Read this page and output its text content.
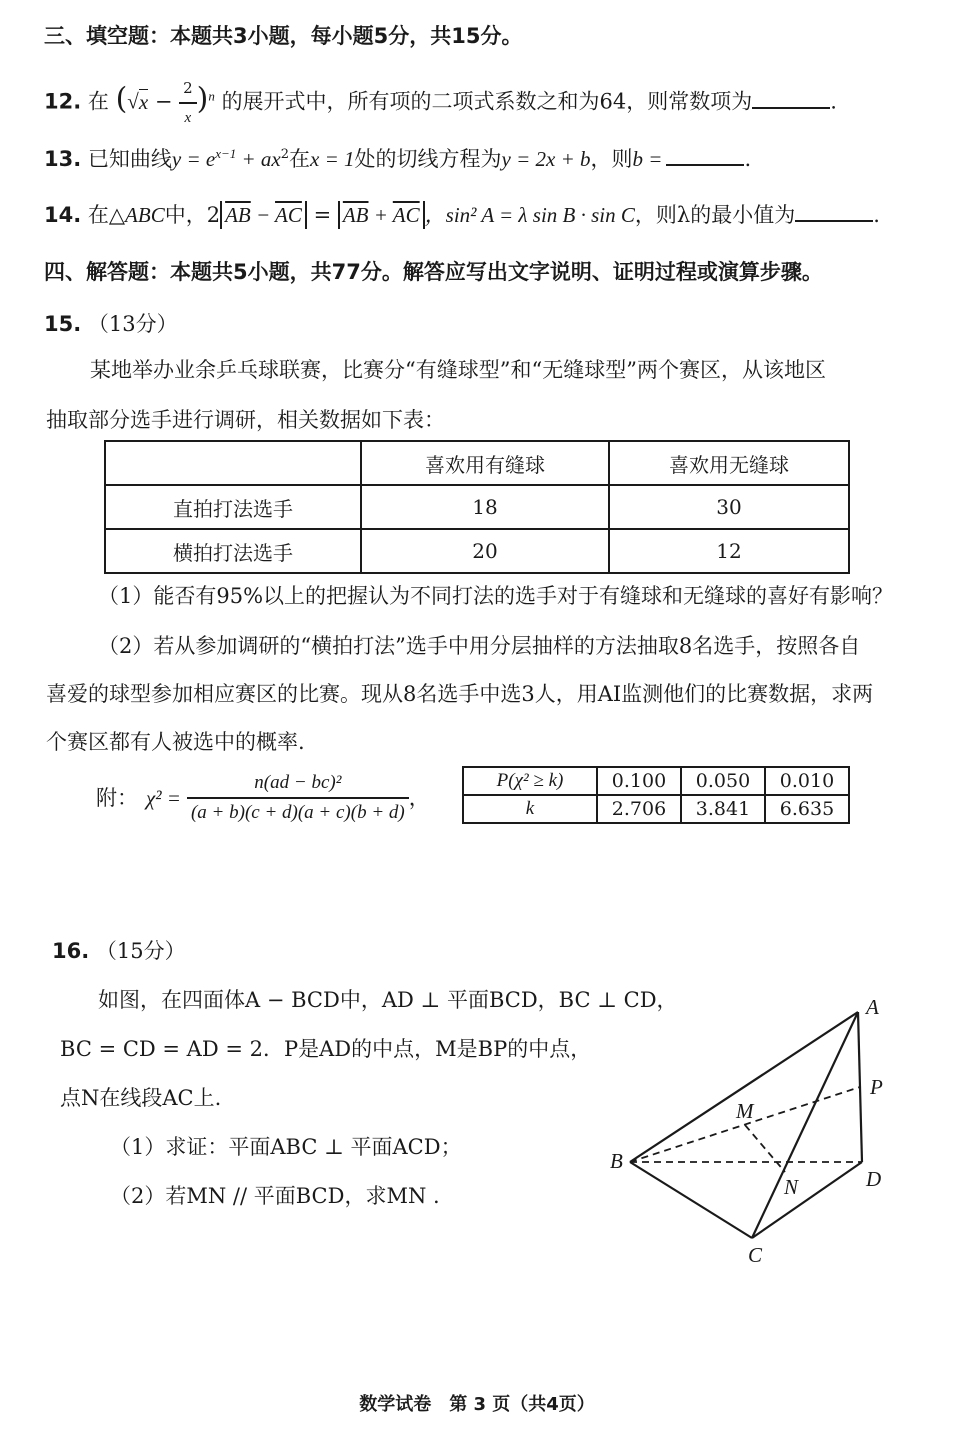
三、填空题：本题共3小题，每小题5分，共15分。
12. 在 $(√x - \frac{2}{x} )^n$ 的展开式中，所有项的二项式系数之和为64，则常数项为	.
13. 已知曲线$y = e^{x-1} + ax^2$在x = 1处的切线方程为y = 2x + b，则b =	.
14. 在△ABC中，2 $\overline{AB} - \overline{AC} = \overline{AB} + \overline{AC}$ ，sin² A = λ sin B · sin C，则λ的最小值为	.
四、解答题：本题共5小题，共77分。解答应写出文字说明、证明过程或演算步骤。
15. （13分）
某地举办业余乒乓球联赛，比赛分“有缝球型”和“无缝球型”两个赛区，从该地区
抽取部分选手进行调研，相关数据如下表：
	喜欢用有缝球	喜欢用无缝球
直拍打法选手	18	30
横拍打法选手	20	12
（1）能否有95%以上的把握认为不同打法的选手对于有缝球和无缝球的喜好有影响？
（2）若从参加调研的“横拍打法”选手中用分层抽样的方法抽取8名选手，按照各自
喜爱的球型参加相应赛区的比赛。现从8名选手中选3人，用AI监测他们的比赛数据，求两
个赛区都有人被选中的概率.
附： $\chi^2 = \frac{\text{n(ad − bc)²}}{(a + b)(c + d)(a + c)(b + d)}$ ，
P(χ² ≥ k)	0.100	0.050	0.010
k	2.706	3.841	6.635
16. （15分）
如图，在四面体A − BCD中，AD ⊥ 平面BCD，BC ⊥ CD，
BC = CD = AD = 2．P是AD的中点，M是BP的中点，
点N在线段AC上.
（1）求证：平面ABC ⊥ 平面ACD；
（2）若MN // 平面BCD，求MN .
A
P
M
B
N	D
C
数学试卷　第 3 页（共4页）
